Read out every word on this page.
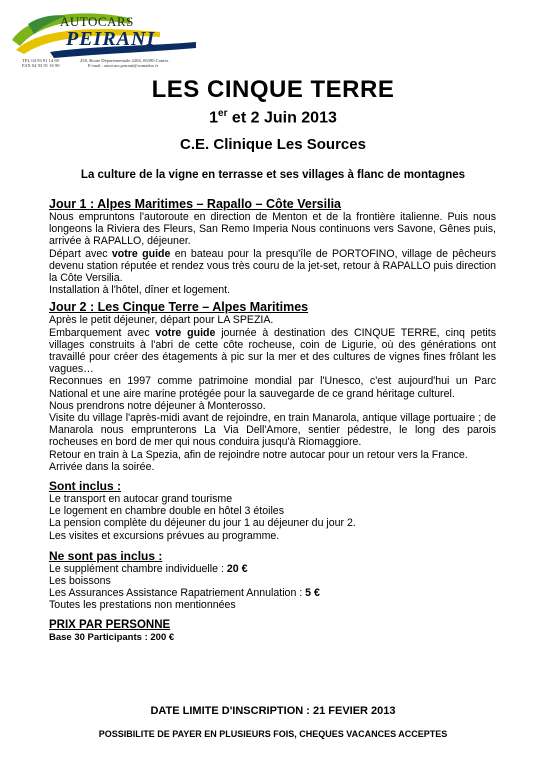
AUTOCARS
PEIRANI
TEL 04 93 91 14 69
FAX 04 93 91 16 90
258, Route Départementale 2204, 06390 Contes
E-mail : autocars.peirani@wanadoo.fr
LES CINQUE TERRE
1er et 2 Juin 2013
C.E. Clinique Les Sources
La culture de la vigne en terrasse et ses villages à flanc de montagnes

Jour 1 : Alpes Maritimes – Rapallo – Côte Versilia

Nous empruntons l'autoroute en direction de Menton et de la frontière italienne. Puis nous longeons la Riviera des Fleurs, San Remo Imperia Nous continuons vers Savone, Gênes puis, arrivée à RAPALLO, déjeuner.

Départ avec votre guide en bateau pour la presqu'île de PORTOFINO, village de pêcheurs devenu station réputée et rendez vous très couru de la jet-set, retour à RAPALLO puis direction la Côte Versilia.

Installation à l'hôtel, dîner et logement.

Jour 2 : Les Cinque Terre – Alpes Maritimes

Après le petit déjeuner, départ pour LA SPEZIA.

Embarquement avec votre guide journée à destination des CINQUE TERRE, cinq petits villages construits à l'abri de cette côte rocheuse, coin de Ligurie, où des générations ont travaillé pour créer des étagements à pic sur la mer et des cultures de vignes fines frôlant les vagues…

Reconnues en 1997 comme patrimoine mondial par l'Unesco, c'est aujourd'hui un Parc National et une aire marine protégée pour la sauvegarde de ce grand héritage culturel.

Nous prendrons notre déjeuner à Monterosso.

Visite du village l'après-midi avant de rejoindre, en train Manarola, antique village portuaire ; de Manarola nous emprunterons La Via Dell'Amore, sentier pédestre, le long des parois rocheuses en bord de mer qui nous conduira jusqu'à Riomaggiore.

Retour en train à La Spezia, afin de rejoindre notre autocar pour un retour vers la France.

Arrivée dans la soirée.

Sont inclus :

Le transport en autocar grand tourisme

Le logement en chambre double en hôtel 3 étoiles

La pension complète du déjeuner du jour 1 au déjeuner du jour 2.

Les visites et excursions prévues au programme.

Ne sont pas inclus :

Le supplément chambre individuelle : 20 €

Les boissons

Les Assurances Assistance Rapatriement Annulation : 5 €

Toutes les prestations non mentionnées

PRIX PAR PERSONNE

Base 30 Participants : 200 €

DATE LIMITE D'INSCRIPTION : 21 FEVIER 2013
POSSIBILITE DE PAYER EN PLUSIEURS FOIS, CHEQUES VACANCES ACCEPTES
